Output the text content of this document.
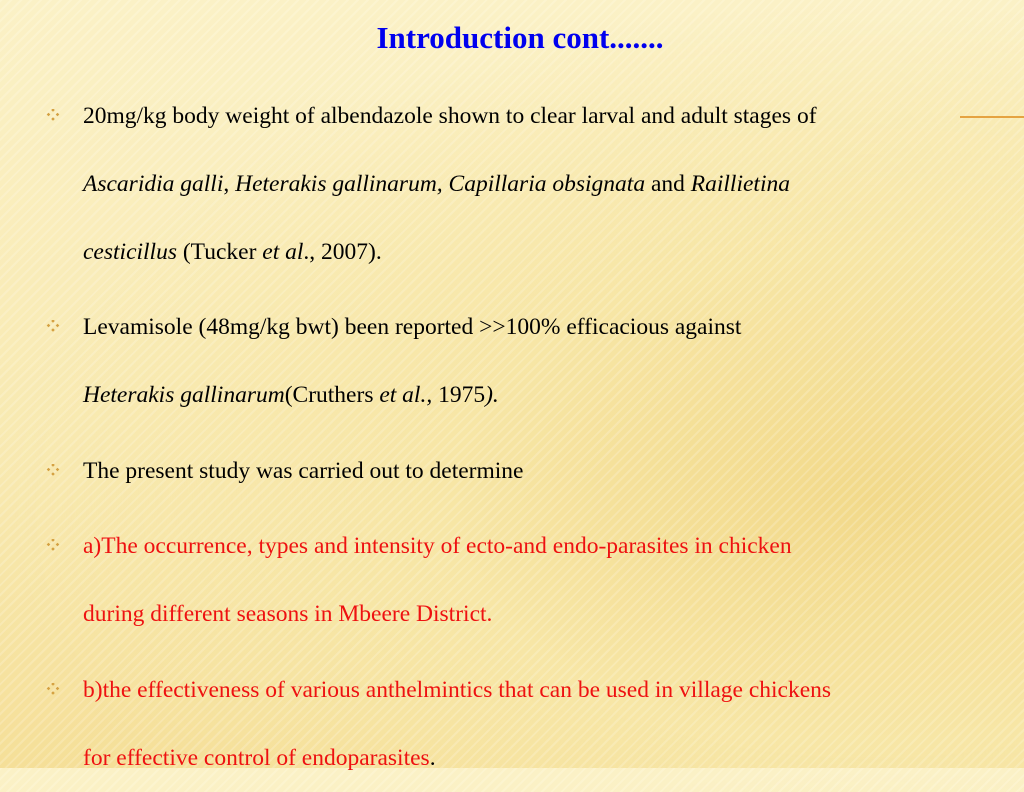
Introduction cont.......
20mg/kg body weight of albendazole shown to clear larval and adult stages of
Ascaridia galli, Heterakis gallinarum, Capillaria obsignata and Raillietina
cesticillus (Tucker et al., 2007).
Levamisole (48mg/kg bwt) been reported >>100% efficacious against
Heterakis gallinarum(Cruthers et al., 1975).
The present study was carried out to determine
a)The occurrence, types and intensity of ecto-and endo-parasites in chicken
during different seasons in Mbeere District.
b)the effectiveness of various anthelmintics that can be used in village chickens
for effective control of endoparasites.
